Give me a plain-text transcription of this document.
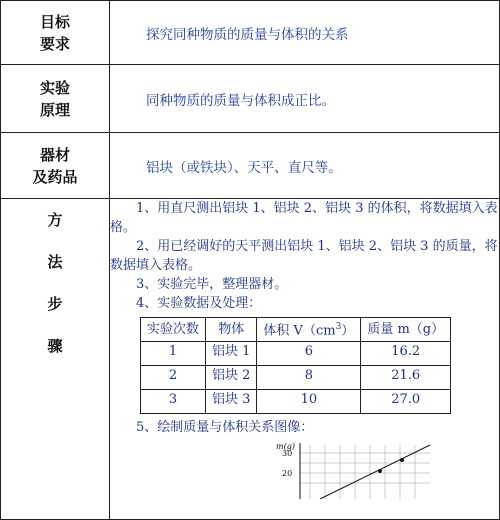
目标
要求	探究同种物质的质量与体积的关系
实验
原理	同种物质的质量与体积成正比。
器材
及药品	铝块（或铁块）、天平、直尺等。
方
法
步
骤	

1、用直尺测出铝块 1、铝块 2、铝块 3 的体积，将数据填入表格。

2、用已经调好的天平测出铝块 1、铝块 2、铝块 3 的质量，将数据填入表格。

3、实验完毕，整理器材。

4、实验数据及处理：

实验次数	物体	体积 $V(cm^3)$	质量 m（g）
1	铝块 1	6	16.2
2	铝块 2	8	21.6
3	铝块 3	10	27.0

5、绘制质量与体积关系图像：

m(g)
30
20
